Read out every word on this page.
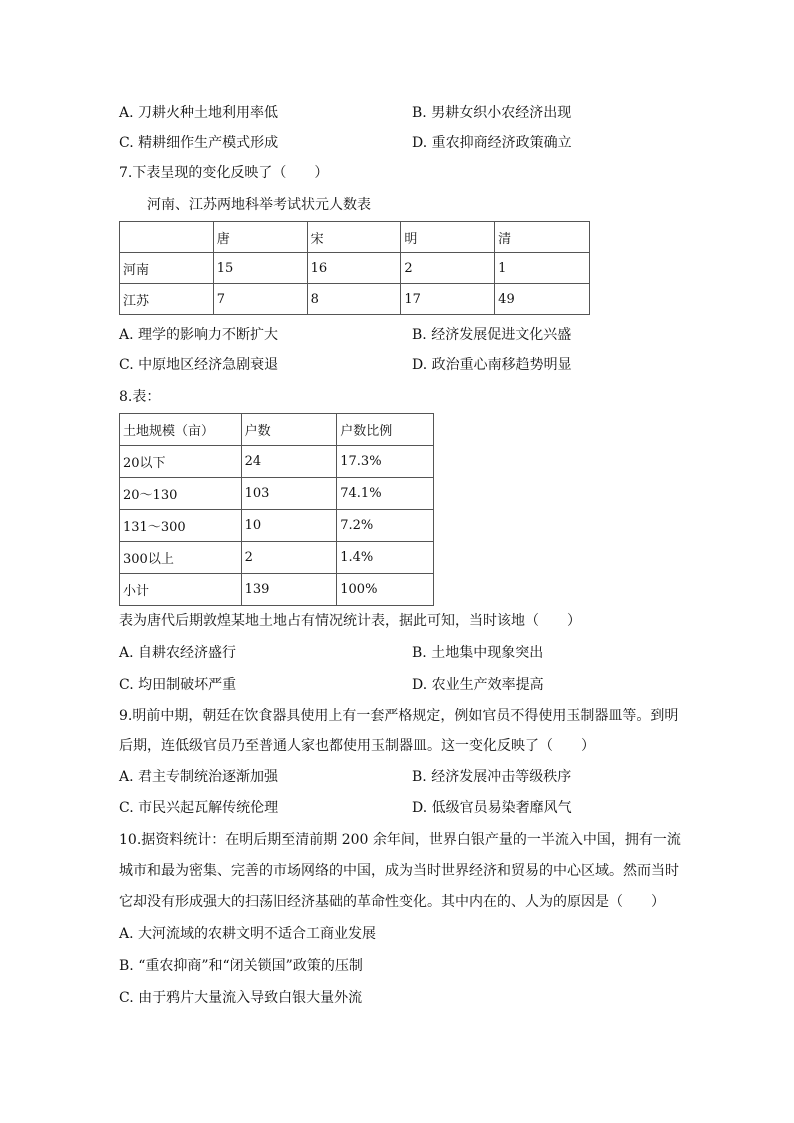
A. 刀耕火种土地利用率低	B. 男耕女织小农经济出现
C. 精耕细作生产模式形成	D. 重农抑商经济政策确立
7.下表呈现的变化反映了（　　）
河南、江苏两地科举考试状元人数表
	唐	宋	明	清
河南	15	16	2	1
江苏	7	8	17	49
A. 理学的影响力不断扩大	B. 经济发展促进文化兴盛
C. 中原地区经济急剧衰退	D. 政治重心南移趋势明显
8.表：
土地规模（亩）	户数	户数比例
20以下	24	17.3%
20～130	103	74.1%
131～300	10	7.2%
300以上	2	1.4%
小计	139	100%
表为唐代后期敦煌某地土地占有情况统计表，据此可知，当时该地（　　）
A. 自耕农经济盛行	B. 土地集中现象突出
C. 均田制破坏严重	D. 农业生产效率提高
9.明前中期，朝廷在饮食器具使用上有一套严格规定，例如官员不得使用玉制器皿等。到明
后期，连低级官员乃至普通人家也都使用玉制器皿。这一变化反映了（　　）
A. 君主专制统治逐渐加强	B. 经济发展冲击等级秩序
C. 市民兴起瓦解传统伦理	D. 低级官员易染奢靡风气
10.据资料统计：在明后期至清前期 200 余年间，世界白银产量的一半流入中国，拥有一流
城市和最为密集、完善的市场网络的中国，成为当时世界经济和贸易的中心区域。然而当时
它却没有形成强大的扫荡旧经济基础的革命性变化。其中内在的、人为的原因是（　　）
A. 大河流域的农耕文明不适合工商业发展
B. “重农抑商”和“闭关锁国”政策的压制
C. 由于鸦片大量流入导致白银大量外流
